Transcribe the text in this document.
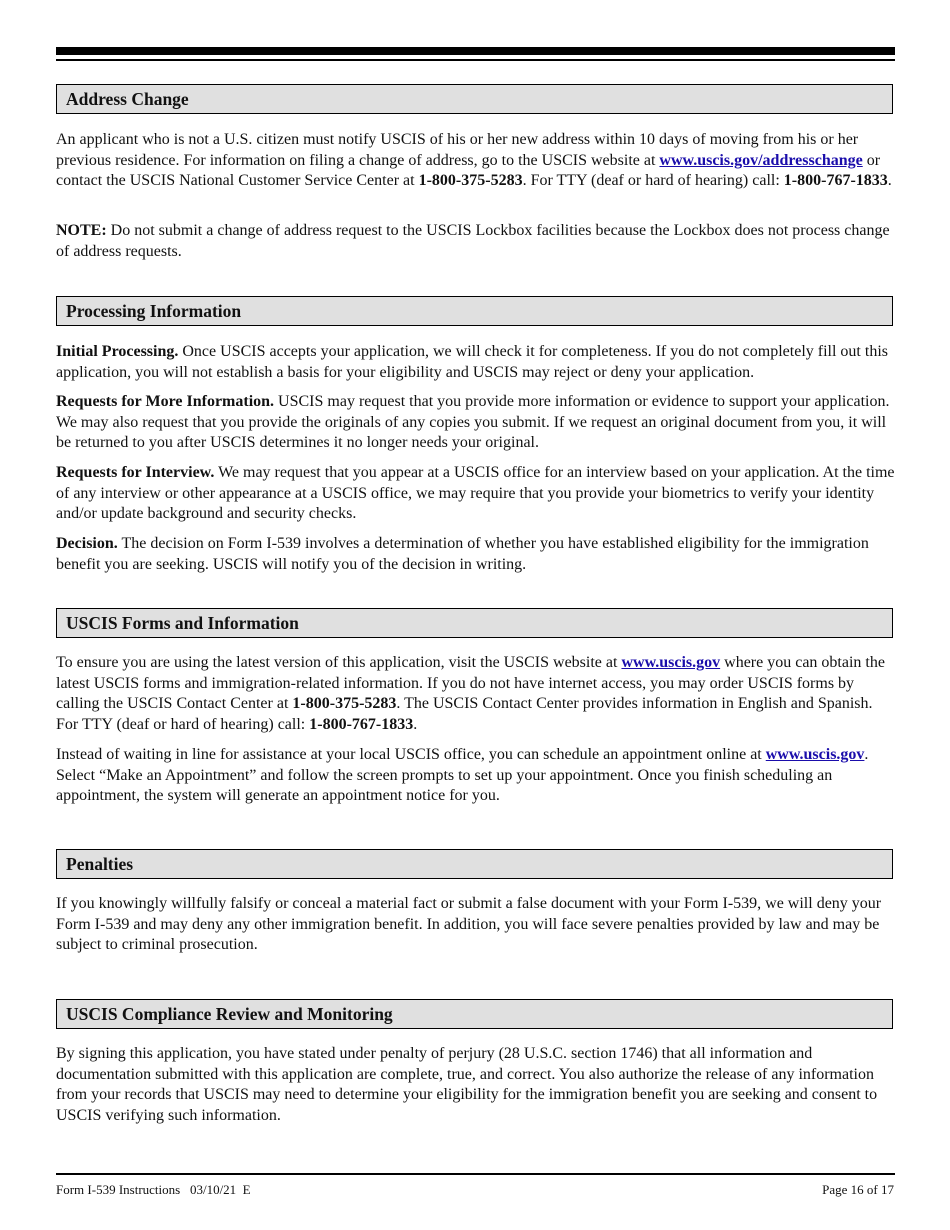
Address Change

An applicant who is not a U.S. citizen must notify USCIS of his or her new address within 10 days of moving from his or her previous residence. For information on filing a change of address, go to the USCIS website at www.uscis.gov/addresschange or contact the USCIS National Customer Service Center at 1-800-375-5283. For TTY (deaf or hard of hearing) call: 1-800-767-1833.

NOTE: Do not submit a change of address request to the USCIS Lockbox facilities because the Lockbox does not process change of address requests.

Processing Information

Initial Processing. Once USCIS accepts your application, we will check it for completeness. If you do not completely fill out this application, you will not establish a basis for your eligibility and USCIS may reject or deny your application.

Requests for More Information. USCIS may request that you provide more information or evidence to support your application. We may also request that you provide the originals of any copies you submit. If we request an original document from you, it will be returned to you after USCIS determines it no longer needs your original.

Requests for Interview. We may request that you appear at a USCIS office for an interview based on your application. At the time of any interview or other appearance at a USCIS office, we may require that you provide your biometrics to verify your identity and/or update background and security checks.

Decision. The decision on Form I-539 involves a determination of whether you have established eligibility for the immigration benefit you are seeking. USCIS will notify you of the decision in writing.

USCIS Forms and Information

To ensure you are using the latest version of this application, visit the USCIS website at www.uscis.gov where you can obtain the latest USCIS forms and immigration-related information. If you do not have internet access, you may order USCIS forms by calling the USCIS Contact Center at 1-800-375-5283. The USCIS Contact Center provides information in English and Spanish. For TTY (deaf or hard of hearing) call: 1-800-767-1833.

Instead of waiting in line for assistance at your local USCIS office, you can schedule an appointment online at www.uscis.gov. Select “Make an Appointment” and follow the screen prompts to set up your appointment. Once you finish scheduling an appointment, the system will generate an appointment notice for you.

Penalties

If you knowingly willfully falsify or conceal a material fact or submit a false document with your Form I-539, we will deny your Form I-539 and may deny any other immigration benefit. In addition, you will face severe penalties provided by law and may be subject to criminal prosecution.

USCIS Compliance Review and Monitoring

By signing this application, you have stated under penalty of perjury (28 U.S.C. section 1746) that all information and documentation submitted with this application are complete, true, and correct. You also authorize the release of any information from your records that USCIS may need to determine your eligibility for the immigration benefit you are seeking and consent to USCIS verifying such information.

Form I-539 Instructions   03/10/21  E	Page 16 of 17
